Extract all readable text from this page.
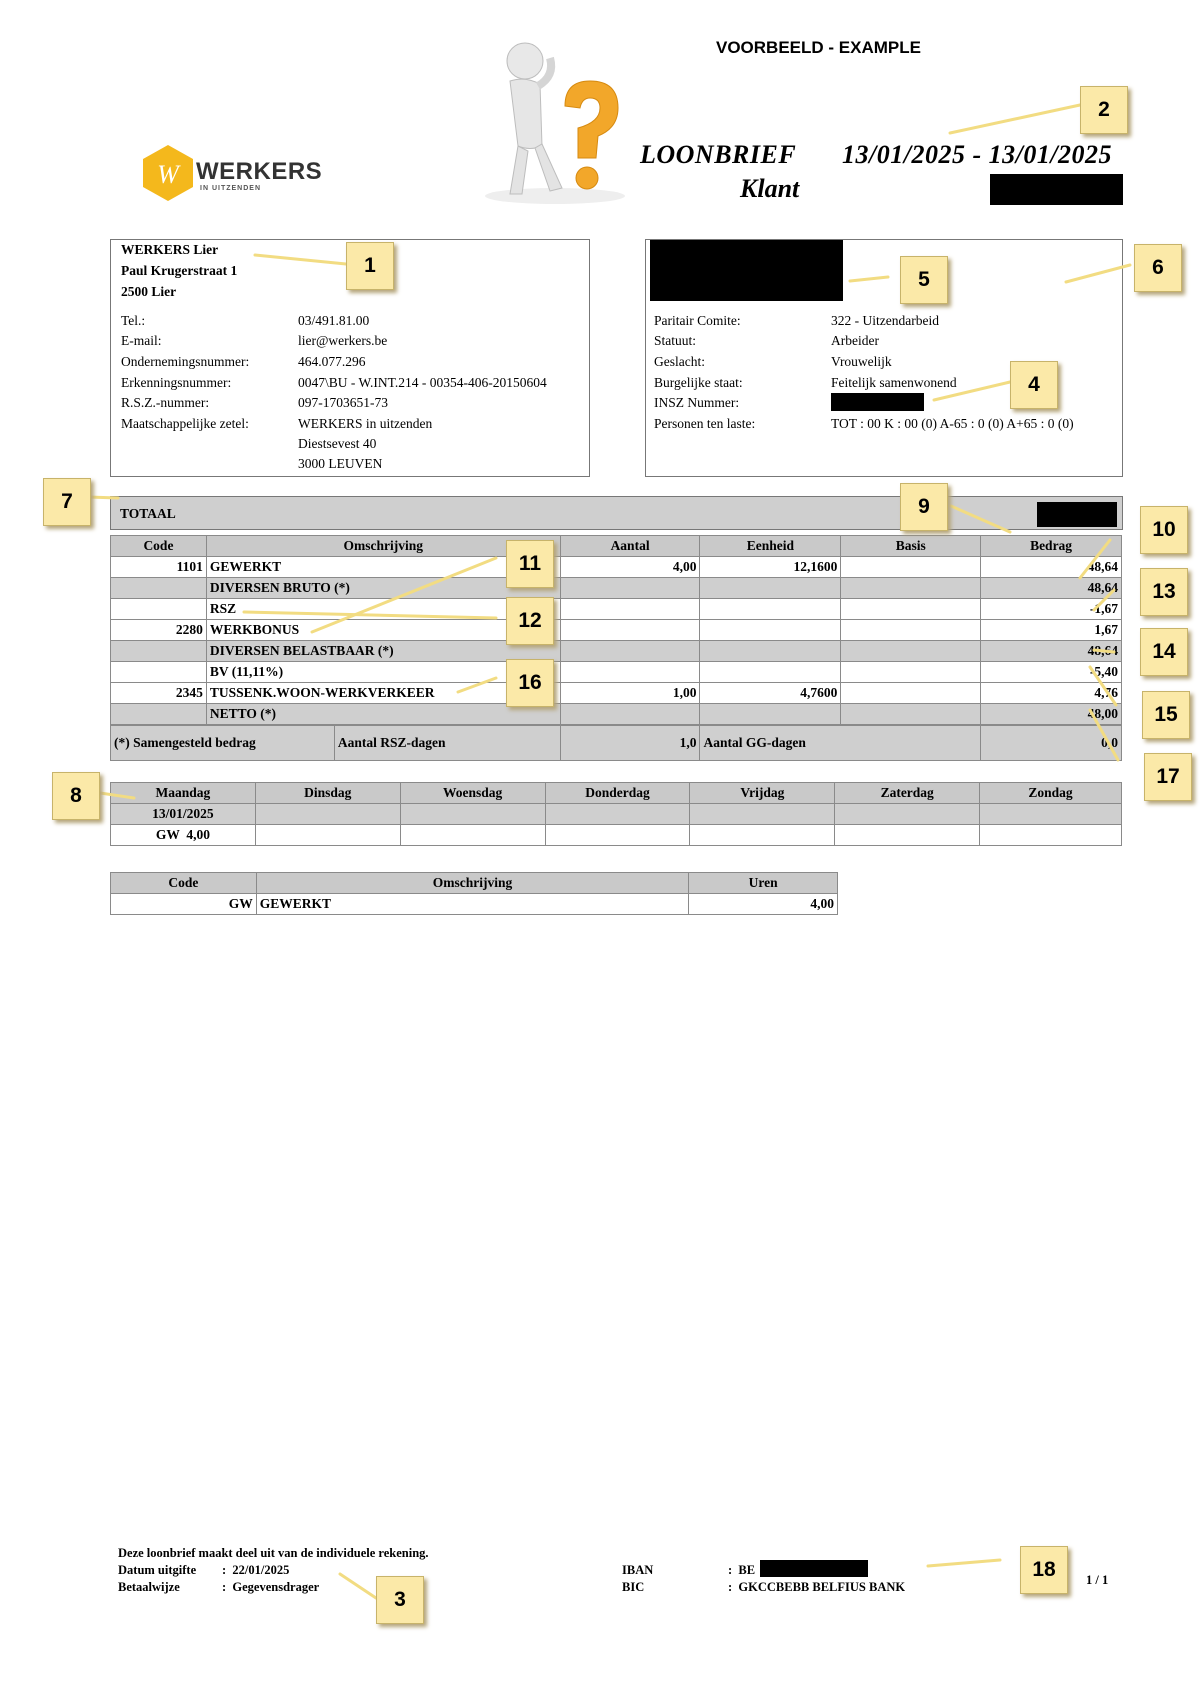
VOORBEELD - EXAMPLE
W WERKERS
IN UITZENDEN
LOONBRIEF 13/01/2025 - 13/01/2025
Klant
WERKERS Lier
Paul Krugerstraat 1
2500 Lier
Tel.:	03/491.81.00
E-mail:	lier@werkers.be
Ondernemingsnummer:	464.077.296
Erkenningsnummer:	0047\BU - W.INT.214 - 00354-406-20150604
R.S.Z.-nummer:	097-1703651-73
Maatschappelijke zetel:	WERKERS in uitzenden
Diestsevest 40
3000 LEUVEN
Paritair Comite:	322 - Uitzendarbeid
Statuut:	Arbeider
Geslacht:	Vrouwelijk
Burgelijke staat:	Feitelijk samenwonend
INSZ Nummer:
Personen ten laste:	TOT : 00 K : 00 (0) A-65 : 0 (0) A+65 : 0 (0)
TOTAAL
Code	Omschrijving	Aantal	Eenheid	Basis	Bedrag
1101	GEWERKT	4,00	12,1600		48,64
	DIVERSEN BRUTO (*)				48,64
	RSZ				-1,67
2280	WERKBONUS				1,67
	DIVERSEN BELASTBAAR (*)				48,64
	BV (11,11%)				-5,40
2345	TUSSENK.WOON-WERKVERKEER	1,00	4,7600		4,76
	NETTO (*)				48,00
(*) Samengesteld bedrag	Aantal RSZ-dagen	1,0	Aantal GG-dagen	0,0
Maandag	Dinsdag	Woensdag	Donderdag	Vrijdag	Zaterdag	Zondag
13/01/2025						
GW  4,00						
Code	Omschrijving	Uren
GW	GEWERKT	4,00
Deze loonbrief maakt deel uit van de individuele rekening.
Datum uitgifte :  22/01/2025
Betaalwijze	:  Gegevensdrager
IBAN	:  BE
BIC	:  GKCCBEBB BELFIUS BANK	1 / 1
1
2
3
4
5
6
7
8
9
10
11
12
13
14
15
16
17
18
